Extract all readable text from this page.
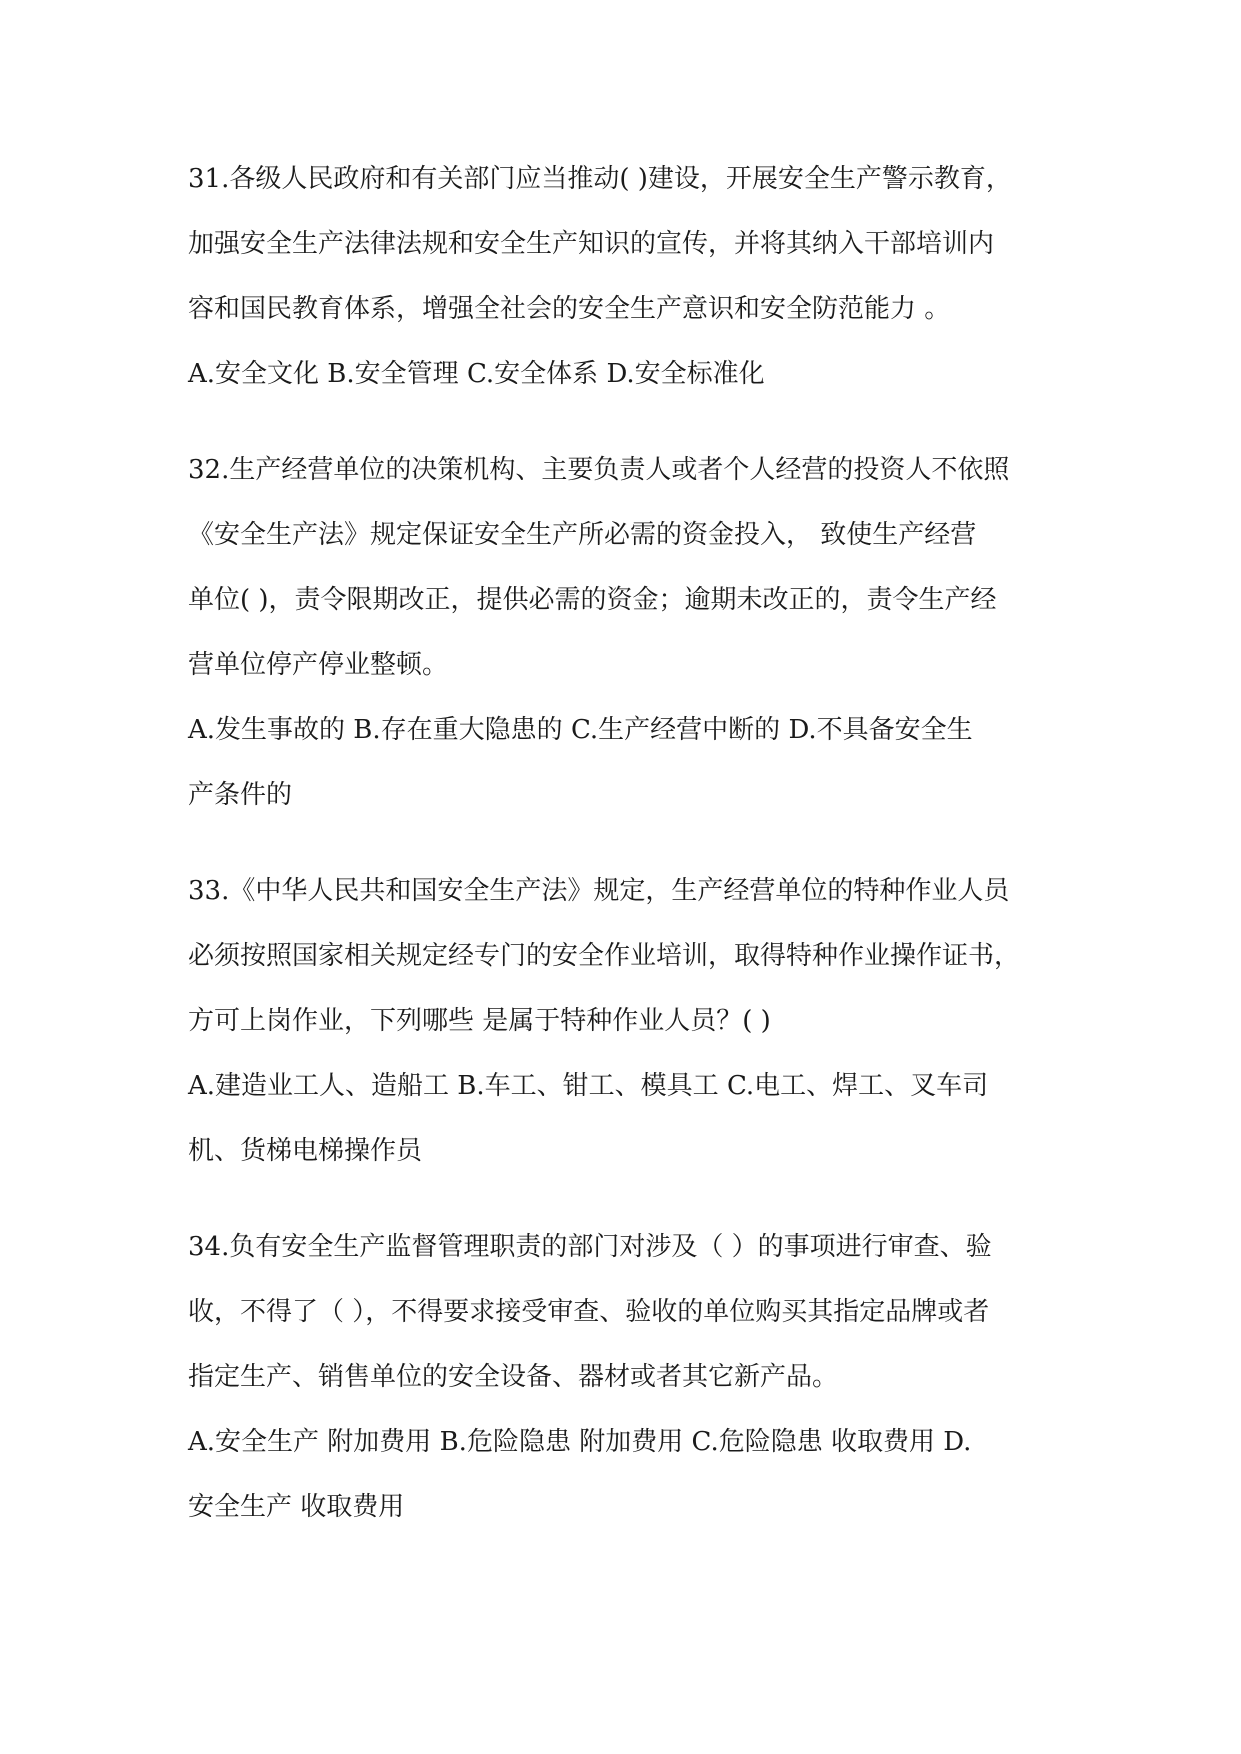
31.各级人民政府和有关部门应当推动( )建设，开展安全生产警示教育，
加强安全生产法律法规和安全生产知识的宣传，并将其纳入干部培训内
容和国民教育体系，增强全社会的安全生产意识和安全防范能力 。
A.安全文化 B.安全管理 C.安全体系 D.安全标准化
32.生产经营单位的决策机构、主要负责人或者个人经营的投资人不依照
《安全生产法》规定保证安全生产所必需的资金投入， 致使生产经营
单位( )，责令限期改正，提供必需的资金；逾期未改正的，责令生产经
营单位停产停业整顿。
A.发生事故的 B.存在重大隐患的 C.生产经营中断的 D.不具备安全生
产条件的
33.《中华人民共和国安全生产法》规定，生产经营单位的特种作业人员
必须按照国家相关规定经专门的安全作业培训，取得特种作业操作证书，
方可上岗作业，下列哪些 是属于特种作业人员？( )
A.建造业工人、造船工 B.车工、钳工、模具工 C.电工、焊工、叉车司
机、货梯电梯操作员
34.负有安全生产监督管理职责的部门对涉及（ ）的事项进行审查、验
收，不得了（ ），不得要求接受审查、验收的单位购买其指定品牌或者
指定生产、销售单位的安全设备、器材或者其它新产品。
A.安全生产 附加费用 B.危险隐患 附加费用 C.危险隐患 收取费用 D.
安全生产 收取费用
